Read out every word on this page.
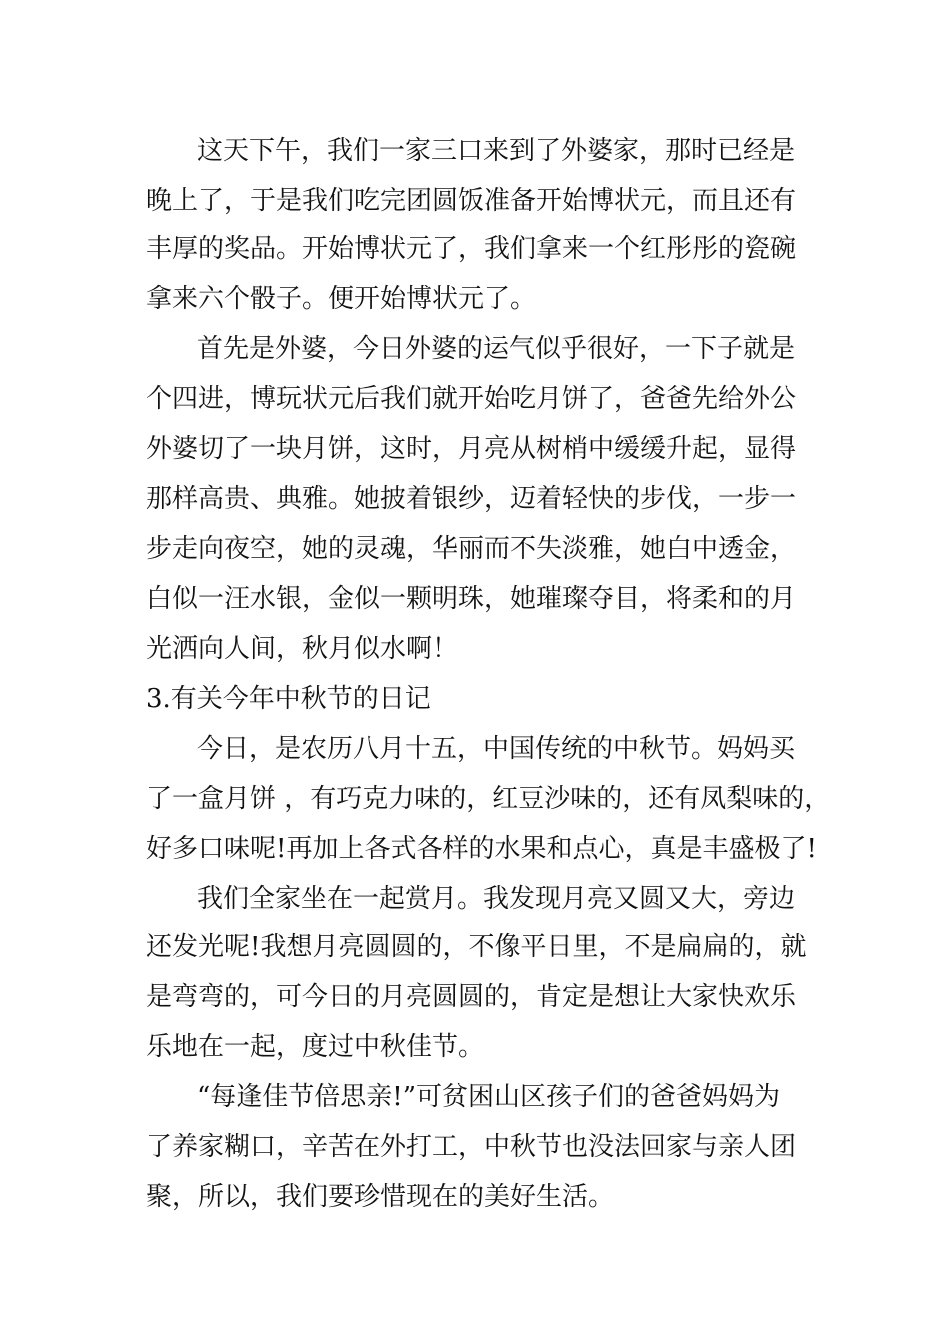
这天下午，我们一家三口来到了外婆家，那时已经是
晚上了，于是我们吃完团圆饭准备开始博状元，而且还有
丰厚的奖品。开始博状元了，我们拿来一个红彤彤的瓷碗
拿来六个骰子。便开始博状元了。
首先是外婆，今日外婆的运气似乎很好，一下子就是
个四进，博玩状元后我们就开始吃月饼了，爸爸先给外公
外婆切了一块月饼，这时，月亮从树梢中缓缓升起，显得
那样高贵、典雅。她披着银纱，迈着轻快的步伐，一步一
步走向夜空，她的灵魂，华丽而不失淡雅，她白中透金，
白似一汪水银，金似一颗明珠，她璀璨夺目，将柔和的月
光洒向人间，秋月似水啊！
3.有关今年中秋节的日记
今日，是农历八月十五，中国传统的中秋节。妈妈买
了一盒月饼 ，有巧克力味的，红豆沙味的，还有凤梨味的，
好多口味呢!再加上各式各样的水果和点心，真是丰盛极了!
我们全家坐在一起赏月。我发现月亮又圆又大，旁边
还发光呢!我想月亮圆圆的，不像平日里，不是扁扁的，就
是弯弯的，可今日的月亮圆圆的，肯定是想让大家快欢乐
乐地在一起，度过中秋佳节。
“每逢佳节倍思亲!”可贫困山区孩子们的爸爸妈妈为
了养家糊口，辛苦在外打工，中秋节也没法回家与亲人团
聚，所以，我们要珍惜现在的美好生活。
